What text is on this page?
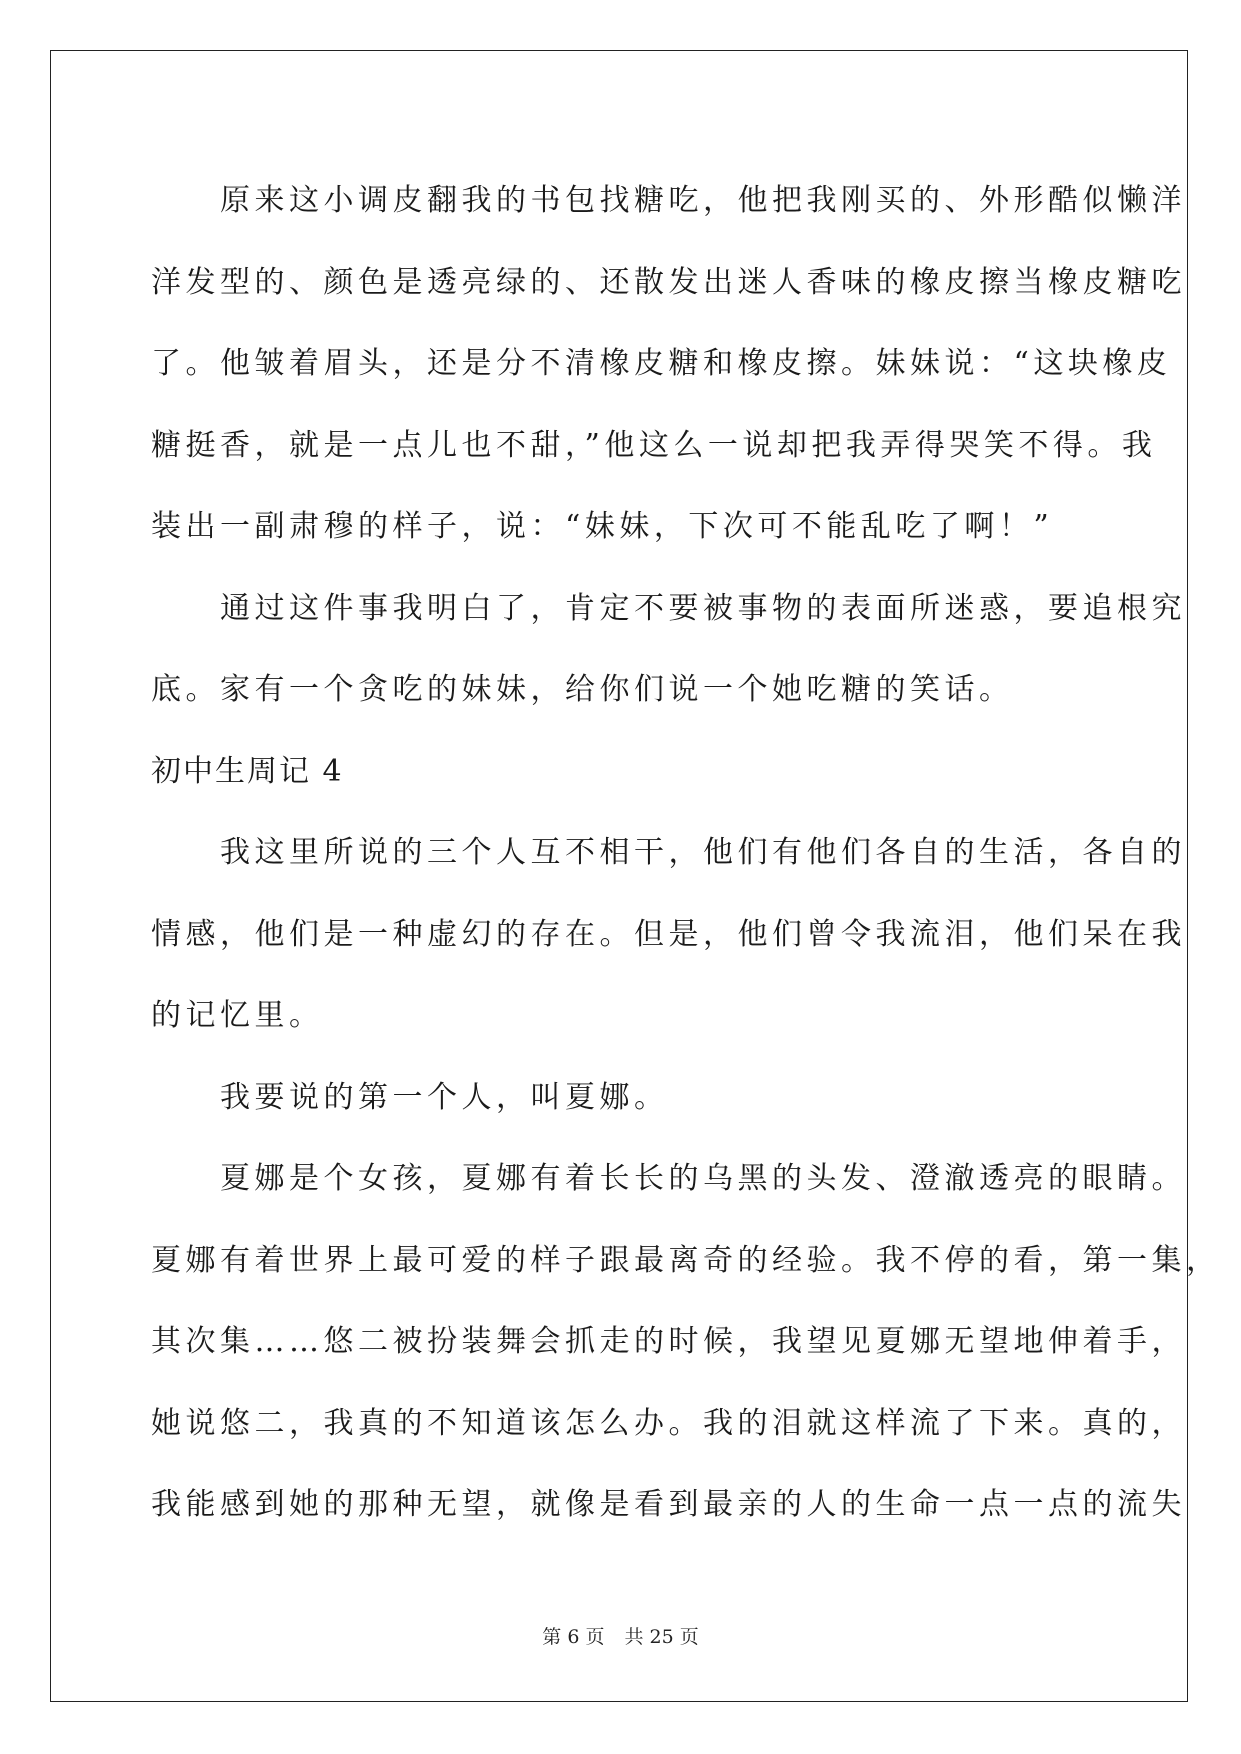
　　原来这小调皮翻我的书包找糖吃，他把我刚买的、外形酷似懒洋
洋发型的、颜色是透亮绿的、还散发出迷人香味的橡皮擦当橡皮糖吃
了。他皱着眉头，还是分不清橡皮糖和橡皮擦。妹妹说：“这块橡皮
糖挺香，就是一点儿也不甜，”他这么一说却把我弄得哭笑不得。我
装出一副肃穆的样子，说：“妹妹，下次可不能乱吃了啊！”
　　通过这件事我明白了，肯定不要被事物的表面所迷惑，要追根究
底。家有一个贪吃的妹妹，给你们说一个她吃糖的笑话。
初中生周记 4
　　我这里所说的三个人互不相干，他们有他们各自的生活，各自的
情感，他们是一种虚幻的存在。但是，他们曾令我流泪，他们呆在我
的记忆里。
　　我要说的第一个人，叫夏娜。
　　夏娜是个女孩，夏娜有着长长的乌黑的头发、澄澈透亮的眼睛。
夏娜有着世界上最可爱的样子跟最离奇的经验。我不停的看，第一集，
其次集……悠二被扮装舞会抓走的时候，我望见夏娜无望地伸着手，
她说悠二，我真的不知道该怎么办。我的泪就这样流了下来。真的，
我能感到她的那种无望，就像是看到最亲的人的生命一点一点的流失
第 6 页 共 25 页
